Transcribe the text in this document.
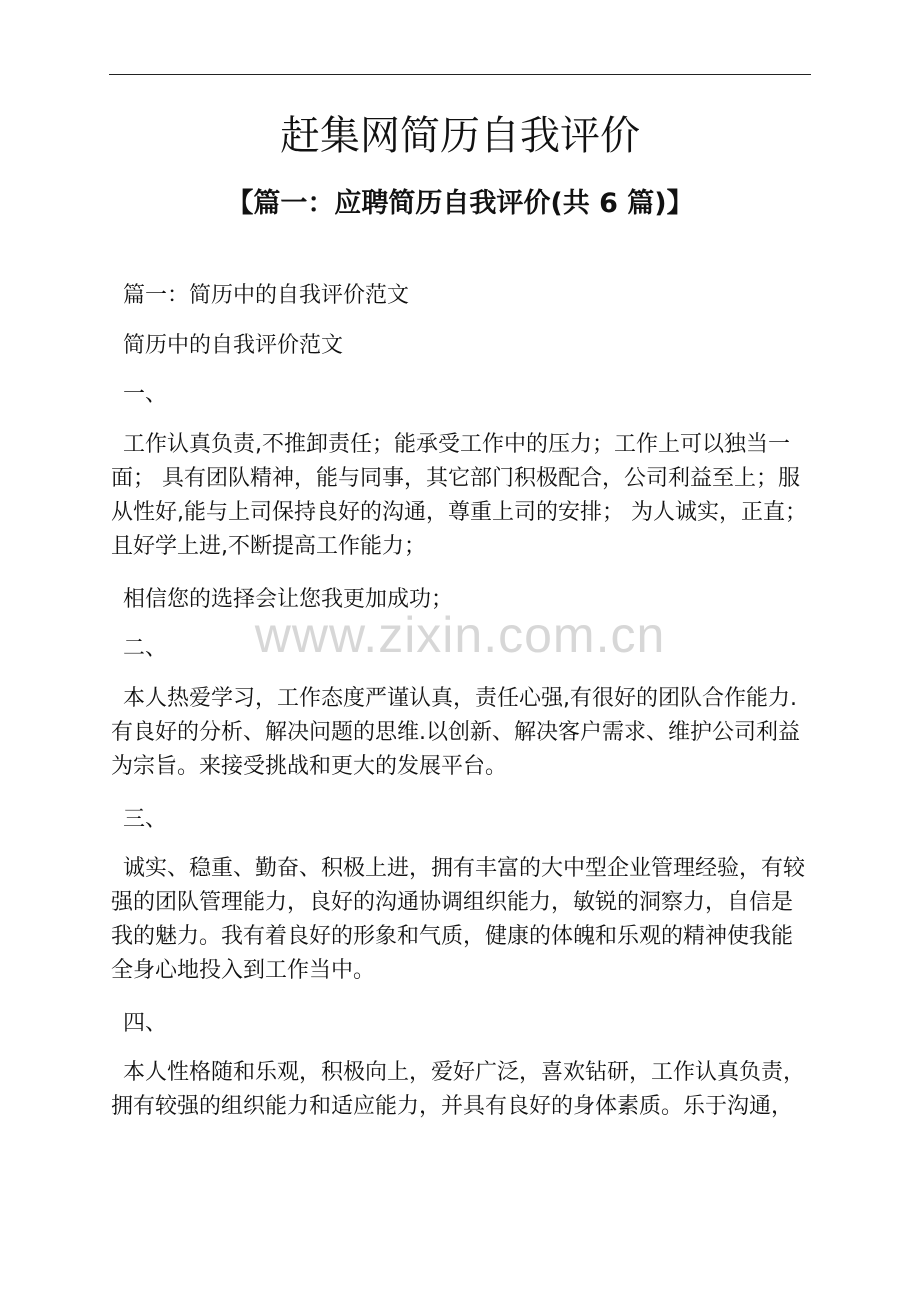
赶集网简历自我评价
【篇一：应聘简历自我评价(共 6 篇)】

篇一：简历中的自我评价范文

简历中的自我评价范文

一、

工作认真负责,不推卸责任；能承受工作中的压力；工作上可以独当一面； 具有团队精神，能与同事，其它部门积极配合，公司利益至上；服从性好,能与上司保持良好的沟通，尊重上司的安排； 为人诚实，正直；且好学上进,不断提高工作能力；

相信您的选择会让您我更加成功；

二、

本人热爱学习，工作态度严谨认真，责任心强,有很好的团队合作能力.有良好的分析、解决问题的思维.以创新、解决客户需求、维护公司利益为宗旨。来接受挑战和更大的发展平台。

三、

诚实、稳重、勤奋、积极上进，拥有丰富的大中型企业管理经验，有较强的团队管理能力，良好的沟通协调组织能力，敏锐的洞察力，自信是我的魅力。我有着良好的形象和气质，健康的体魄和乐观的精神使我能全身心地投入到工作当中。

四、

本人性格随和乐观，积极向上，爱好广泛，喜欢钻研，工作认真负责，拥有较强的组织能力和适应能力，并具有良好的身体素质。乐于沟通，

www.zixin.com.cn
